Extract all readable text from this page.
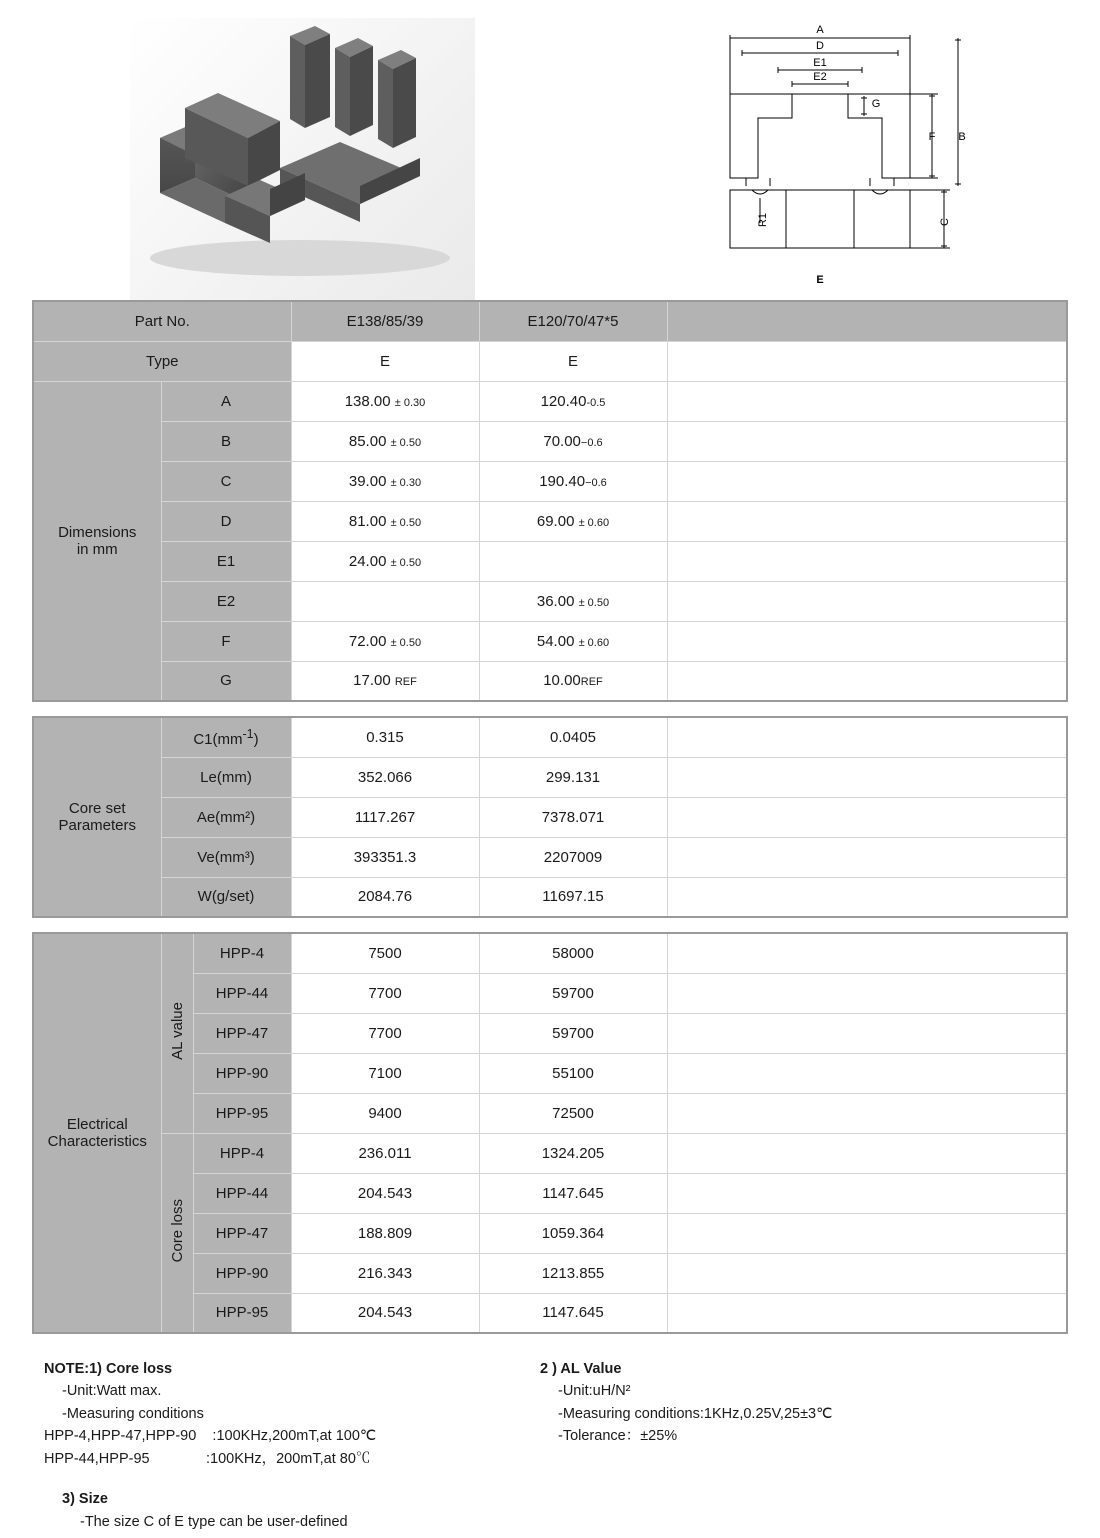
A
D
E1
E2
G
F B
E
R1	C
Part No.		E138/85/39	E120/70/47*5	
Type		E	E	
Dimensions
in mm	A	138.00 ± 0.30	120.40-0.5	
	B	85.00 ± 0.50	70.00−0.6	
	C	39.00 ± 0.30	190.40−0.6	
	D	81.00 ± 0.50	69.00 ± 0.60	
	E1	24.00 ± 0.50		
	E2		36.00 ± 0.50	
	F	72.00 ± 0.50	54.00 ± 0.60	
	G	17.00 REF	10.00REF	
Core set
Parameters	$C1(mm^{-1})$	0.315	0.0405	
	Le(mm)	352.066	299.131	
	Ae(mm²)	1117.267	7378.071	
	Ve(mm³)	393351.3	2207009	
	W(g/set)	2084.76	11697.15	
Electrical
Characteristics	AL value	HPP-4	7500	58000	
		HPP-44	7700	59700	
		HPP-47	7700	59700	
		HPP-90	7100	55100	
		HPP-95	9400	72500	
	Core loss	HPP-4	236.011	1324.205	
		HPP-44	204.543	1147.645	
		HPP-47	188.809	1059.364	
		HPP-90	216.343	1213.855	
		HPP-95	204.543	1147.645	
NOTE:1) Core loss
-Unit:Watt max.
-Measuring conditions
HPP-4,HPP-47,HPP-90    :100KHz,200mT,at 100℃
HPP-44,HPP-95              :100KHz，200mT,at 80℃
2 ) AL Value
-Unit:uH/N²
-Measuring conditions:1KHz,0.25V,25±3℃
-Tolerance：±25%
3) Size
-The size C of E type can be user-defined
